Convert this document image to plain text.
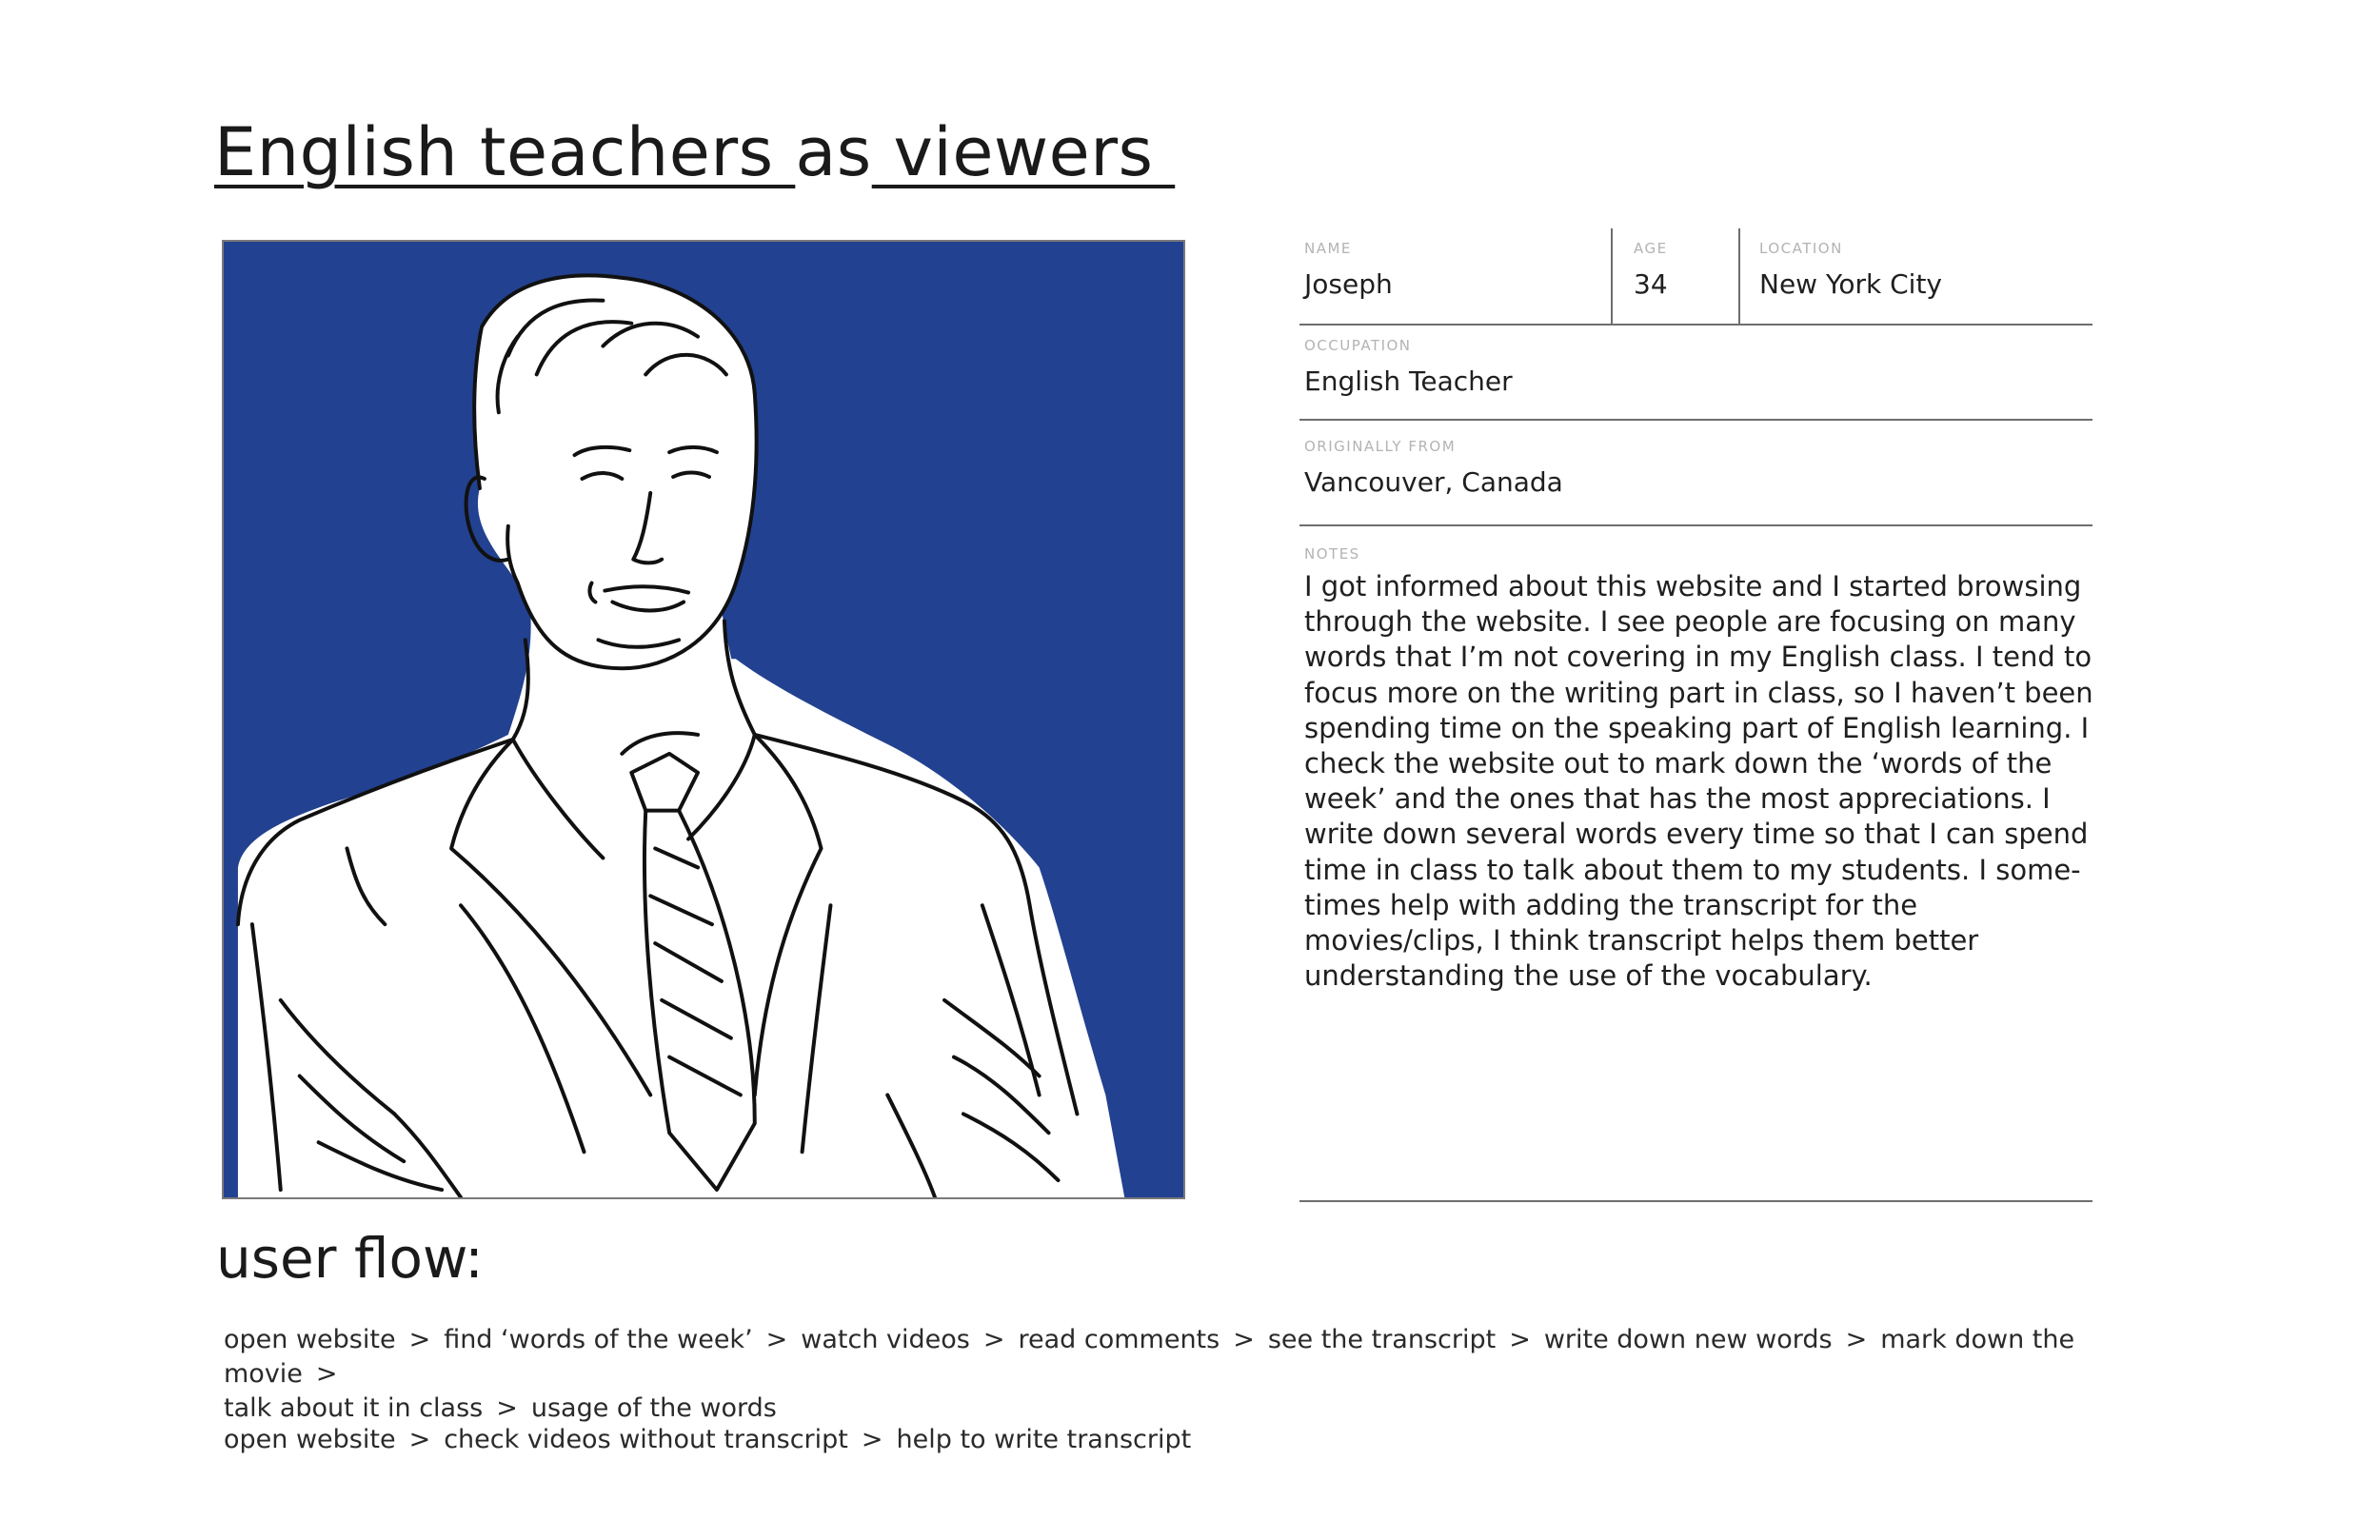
English teachers as viewers
NAME
Joseph
AGE
34
LOCATION
New York City
OCCUPATION
English Teacher
ORIGINALLY FROM
Vancouver, Canada
NOTES

I got informed about this website and I started browsing through the website. I see people are focusing on many words that I’m not covering in my English class. I tend to focus more on the writing part in class, so I haven’t been spending time on the speaking part of English learning. I check the website out to mark down the ‘words of the week’ and the ones that has the most appreciations. I write down several words every time so that I can spend time in class to talk about them to my students. I some-times help with adding the transcript for the movies/clips, I think transcript helps them better understanding the use of the vocabulary.

user flow:

open website > find ‘words of the week’ > watch videos > read comments > see the transcript > write down new words > mark down the movie >
talk about it in class > usage of the words

open website > check videos without transcript > help to write transcript
